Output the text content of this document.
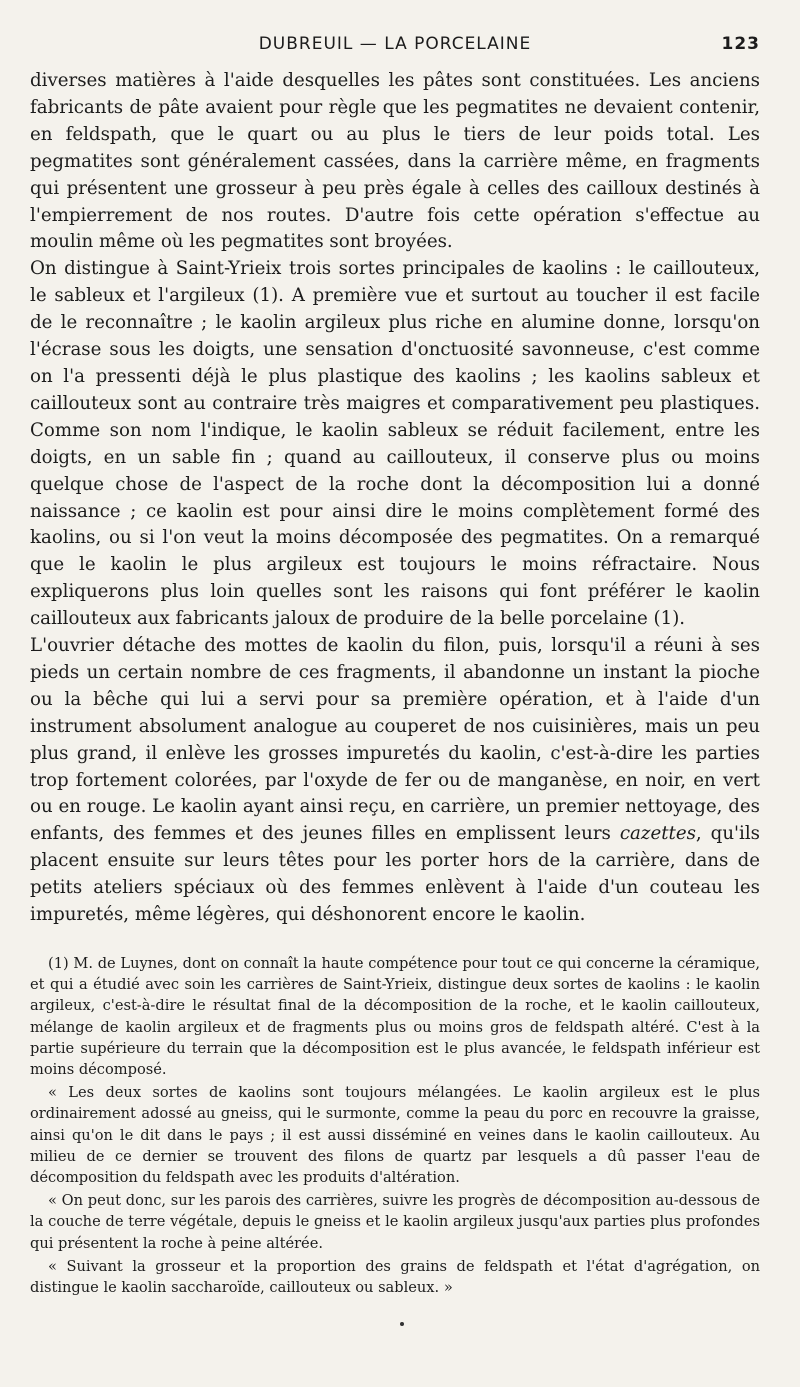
DUBREUIL — LA PORCELAINE	123

diverses matières à l'aide desquelles les pâtes sont constituées. Les anciens fabricants de pâte avaient pour règle que les pegmatites ne devaient contenir, en feldspath, que le quart ou au plus le tiers de leur poids total. Les pegmatites sont généralement cassées, dans la carrière même, en fragments qui présentent une grosseur à peu près égale à celles des cailloux destinés à l'empierrement de nos routes. D'autre fois cette opération s'effectue au moulin même où les pegmatites sont broyées.

On distingue à Saint-Yrieix trois sortes principales de kaolins : le caillouteux, le sableux et l'argileux (1). A première vue et surtout au toucher il est facile de le reconnaître ; le kaolin argileux plus riche en alumine donne, lorsqu'on l'écrase sous les doigts, une sensation d'onctuosité savonneuse, c'est comme on l'a pressenti déjà le plus plastique des kaolins ; les kaolins sableux et caillouteux sont au contraire très maigres et comparativement peu plastiques. Comme son nom l'indique, le kaolin sableux se réduit facilement, entre les doigts, en un sable fin ; quand au caillouteux, il conserve plus ou moins quelque chose de l'aspect de la roche dont la décomposition lui a donné naissance ; ce kaolin est pour ainsi dire le moins complètement formé des kaolins, ou si l'on veut la moins décomposée des pegmatites. On a remarqué que le kaolin le plus argileux est toujours le moins réfractaire. Nous expliquerons plus loin quelles sont les raisons qui font préférer le kaolin caillouteux aux fabricants jaloux de produire de la belle porcelaine (1).

L'ouvrier détache des mottes de kaolin du filon, puis, lorsqu'il a réuni à ses pieds un certain nombre de ces fragments, il abandonne un instant la pioche ou la bêche qui lui a servi pour sa première opération, et à l'aide d'un instrument absolument analogue au couperet de nos cuisinières, mais un peu plus grand, il enlève les grosses impuretés du kaolin, c'est-à-dire les parties trop fortement colorées, par l'oxyde de fer ou de manganèse, en noir, en vert ou en rouge. Le kaolin ayant ainsi reçu, en carrière, un premier nettoyage, des enfants, des femmes et des jeunes filles en emplissent leurs cazettes, qu'ils placent ensuite sur leurs têtes pour les porter hors de la carrière, dans de petits ateliers spéciaux où des femmes enlèvent à l'aide d'un couteau les impuretés, même légères, qui déshonorent encore le kaolin.

(1) M. de Luynes, dont on connaît la haute compétence pour tout ce qui concerne la céramique, et qui a étudié avec soin les carrières de Saint-Yrieix, distingue deux sortes de kaolins : le kaolin argileux, c'est-à-dire le résultat final de la décomposition de la roche, et le kaolin caillouteux, mélange de kaolin argileux et de fragments plus ou moins gros de feldspath altéré. C'est à la partie supérieure du terrain que la décomposition est le plus avancée, le feldspath inférieur est moins décomposé.

« Les deux sortes de kaolins sont toujours mélangées. Le kaolin argileux est le plus ordinairement adossé au gneiss, qui le surmonte, comme la peau du porc en recouvre la graisse, ainsi qu'on le dit dans le pays ; il est aussi disséminé en veines dans le kaolin caillouteux. Au milieu de ce dernier se trouvent des filons de quartz par lesquels a dû passer l'eau de décomposition du feldspath avec les produits d'altération.

« On peut donc, sur les parois des carrières, suivre les progrès de décomposition au-dessous de la couche de terre végétale, depuis le gneiss et le kaolin argileux jusqu'aux parties plus profondes qui présentent la roche à peine altérée.

« Suivant la grosseur et la proportion des grains de feldspath et l'état d'agrégation, on distingue le kaolin saccharoïde, caillouteux ou sableux. »
